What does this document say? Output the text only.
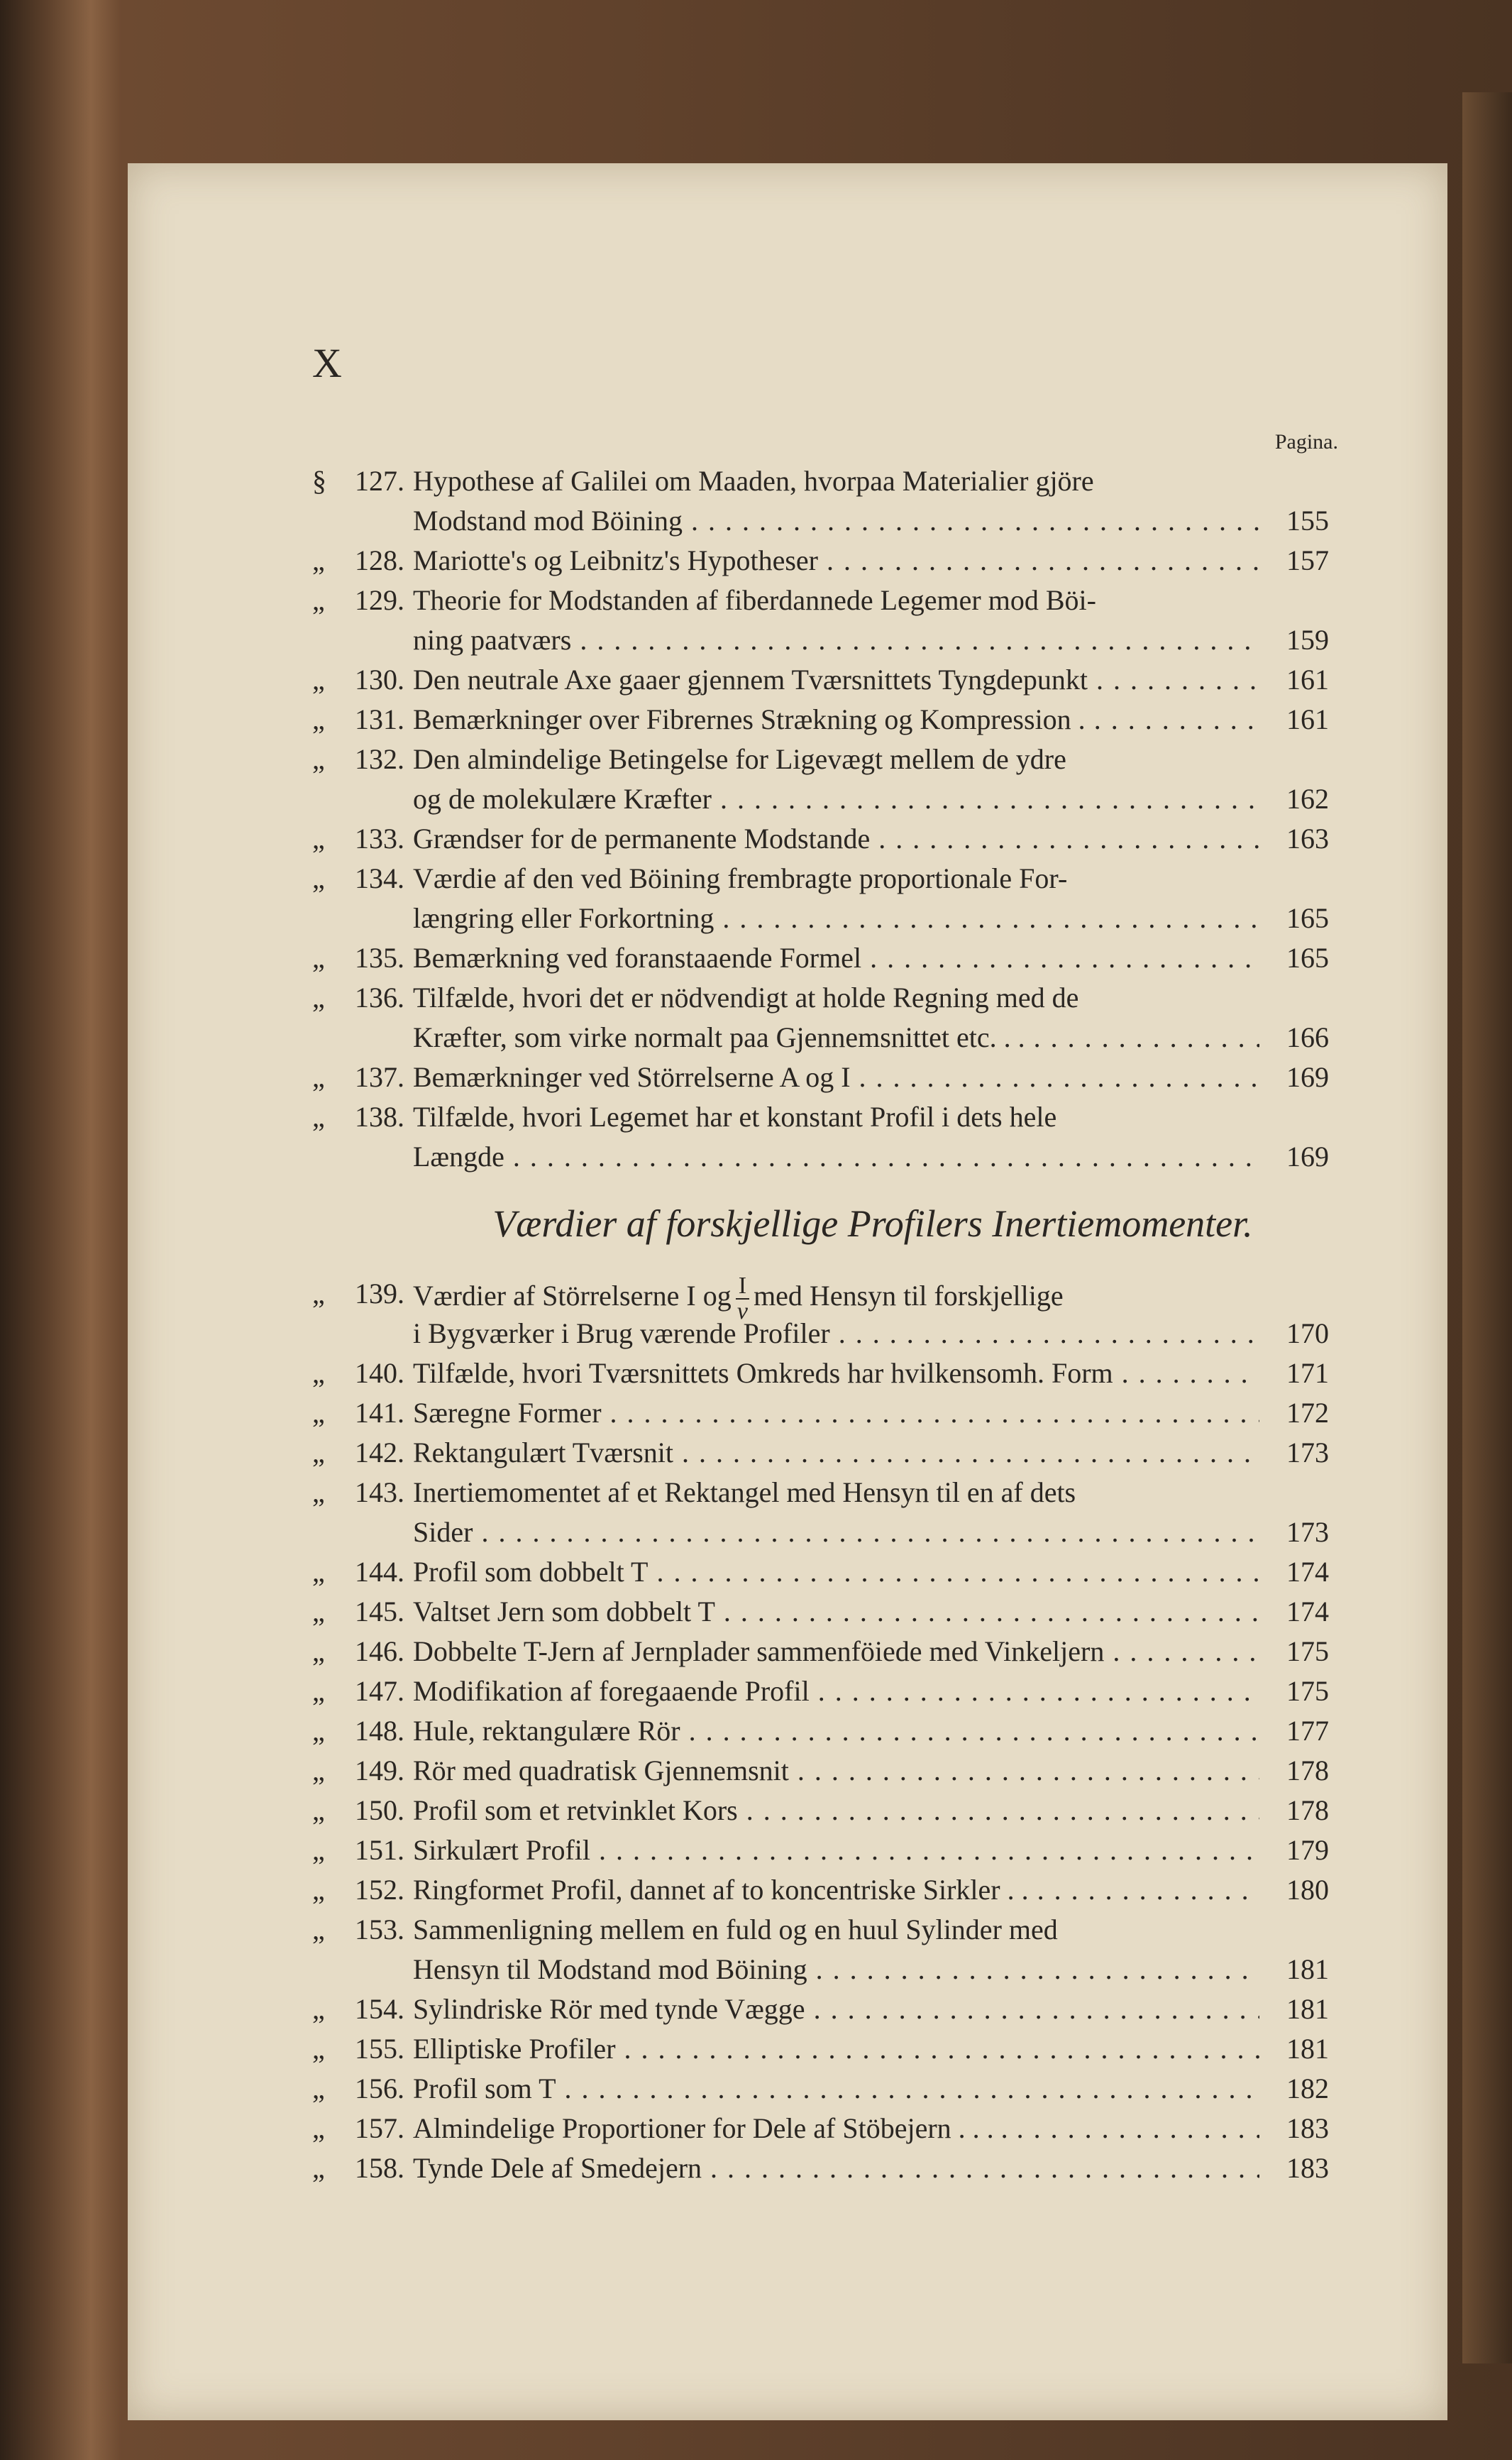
X
Pagina.
§	127. Hypothese af Galilei om Maaden, hvorpaa Materialier gjöre
Modstand mod Böining . . .	155
„	128. Mariotte's og Leibnitz's Hypotheser . . .	157
„	129. Theorie for Modstanden af fiberdannede Legemer mod Böi-
ning paatværs . . .	159
„	130. Den neutrale Axe gaaer gjennem Tværsnittets Tyngdepunkt . . .	161
„	131. Bemærkninger over Fibrernes Strækning og Kompression . . . .	161
„	132. Den almindelige Betingelse for Ligevægt mellem de ydre
og de molekulære Kræfter . . .	162
„	133. Grændser for de permanente Modstande . . .	163
„	134. Værdie af den ved Böining frembragte proportionale For-
længring eller Forkortning . . .	165
„	135. Bemærkning ved foranstaaende Formel . . .	165
„	136. Tilfælde, hvori det er nödvendigt at holde Regning med de
Kræfter, som virke normalt paa Gjennemsnittet etc. . . . . .	166
„	137. Bemærkninger ved Störrelserne A og I . . .	169
„	138. Tilfælde, hvori Legemet har et konstant Profil i dets hele
Længde . . .	169
„	139. Værdier af Störrelserne I og $\frac{I}{v}$ med Hensyn til forskjellige
i Bygværker i Brug værende Profiler . . .	170
„	140. Tilfælde, hvori Tværsnittets Omkreds har hvilkensomh. Form . . .	171
„	141. Særegne Former . . .	172
„	142. Rektangulært Tværsnit . . .	173
„	143. Inertiemomentet af et Rektangel med Hensyn til en af dets
Sider . . .	173
„	144. Profil som dobbelt T . . .	174
„	145. Valtset Jern som dobbelt T . . .	174
„	146. Dobbelte T-Jern af Jernplader sammenföiede med Vinkeljern . . .	175
„	147. Modifikation af foregaaende Profil . . .	175
„	148. Hule, rektangulære Rör . . .	177
„	149. Rör med quadratisk Gjennemsnit . . .	178
„	150. Profil som et retvinklet Kors . . .	178
„	151. Sirkulært Profil . . .	179
„	152. Ringformet Profil, dannet af to koncentriske Sirkler . . . . .	180
„	153. Sammenligning mellem en fuld og en huul Sylinder med
Hensyn til Modstand mod Böining . . .	181
„	154. Sylindriske Rör med tynde Vægge . . .	181
„	155. Elliptiske Profiler . . .	181
„	156. Profil som T . . .	182
„	157. Almindelige Proportioner for Dele af Stöbejern . . . . . . .	183
„	158. Tynde Dele af Smedejern . . .	183
Værdier af forskjellige Profilers Inertiemomenter.
